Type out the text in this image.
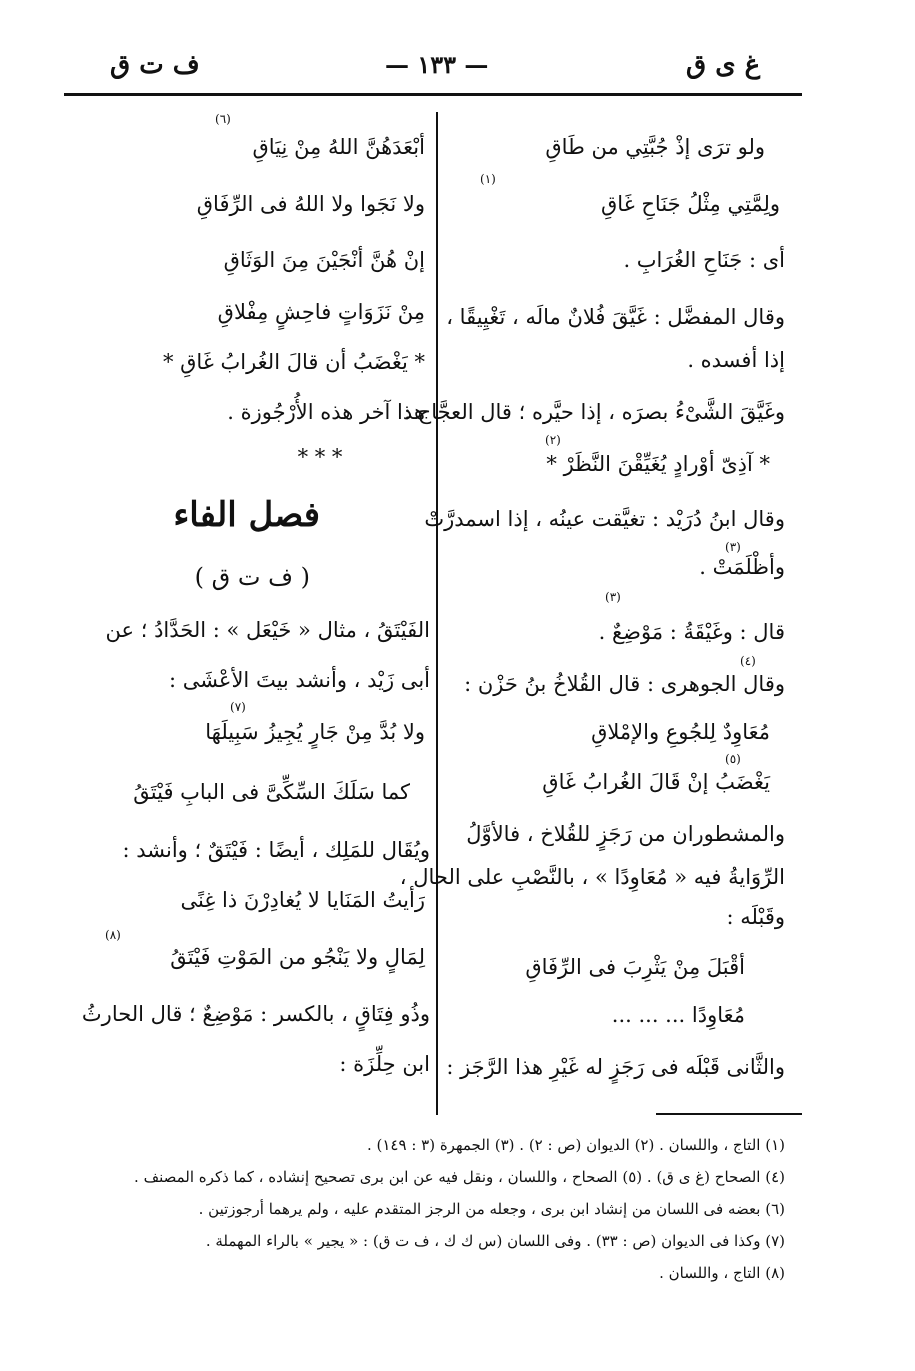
غ ى ق
— ١٣٣ —
ف ت ق
ولو ترَى إذْ جُبَّتِي من طَاقِ
(١)
ولِمَّتِي مِثْلُ جَنَاحِ غَاقِ
أى : جَنَاحِ الغُرَابِ .
وقال المفضَّل : غَيَّقَ فُلانٌ مالَه ، تَغْيِيقًا ،
إذا أفسده .
وغَيَّقَ الشَّىْءُ بصرَه ، إذا حيَّره ؛ قال العجَّاج :
(٢)
* آذِىّ أوْرادٍ يُغَيِّقْنَ النَّظَرْ *
وقال ابنُ دُرَيْد : تغيَّقت عينُه ، إذا اسمدرَّتْ
(٣)
وأظْلَمَتْ .
(٣)
قال : وغَيْقَةُ : مَوْضِعٌ .
(٤)
وقال الجوهرى : قال القُلاخُ بنُ حَزْن :
مُعَاوِدٌ لِلجُوعِ والإمْلاقِ
(٥)
يَغْضَبُ إنْ قَالَ الغُرابُ غَاقِ
والمشطوران من رَجَزٍ للقُلاخ ، فالأوَّلُ
الرِّوَايةُ فيه « مُعَاوِدًا » ، بالنَّصْبِ على الحال ،
وقَبْلَه :
أقْبَلَ مِنْ يَثْرِبَ فى الرِّفَاقِ
مُعَاوِدًا ... ... ...
والثَّانى قَبْلَه فى رَجَزٍ له غَيْرِ هذا الرَّجَز :
(٦)
أبْعَدَهُنَّ اللهُ مِنْ نِيَاقِ
ولا نَجَوا ولا اللهُ فى الرِّفَاقِ
إنْ هُنَّ أنْجَيْنَ مِنَ الوَثَاقِ
مِنْ نَزَوَاتٍ فاحِشٍ مِفْلاقِ
* يَغْضَبُ أن قالَ الغُرابُ غَاقِ *
هذا آخر هذه الأُرْجُوزة .
* * *
فصل الفاء
( ف ت ق )
الفَيْتَقُ ، مثال « خَيْعَل » : الحَدَّادُ ؛ عن
أبى زَيْد ، وأنشد بيتَ الأعْشَى :
(٧)
ولا بُدَّ مِنْ جَارٍ يُجِيزُ سَبِيلَهَا
كما سَلَكَ السِّكِّىَّ فى البابِ فَيْتَقُ
ويُقَال للمَلِك ، أيضًا : فَيْتَقٌ ؛ وأنشد :
رَأيتُ المَنَايا لا يُغادِرْنَ ذا غِنًى
(٨)
لِمَالٍ ولا يَنْجُو من المَوْتِ فَيْتَقُ
وذُو فِتَاقٍ ، بالكسر : مَوْضِعٌ ؛ قال الحارثُ
ابن حِلِّزَة :
(١) التاج ، واللسان . (٢) الديوان (ص : ٢) . (٣) الجمهرة (٣ : ١٤٩) .
(٤) الصحاح (غ ى ق) . (٥) الصحاح ، واللسان ، ونقل فيه عن ابن برى تصحيح إنشاده ، كما ذكره المصنف .
(٦) بعضه فى اللسان من إنشاد ابن برى ، وجعله من الرجز المتقدم عليه ، ولم يرهما أرجوزتين .
(٧) وكذا فى الديوان (ص : ٣٣) . وفى اللسان (س ك ك ، ف ت ق) : « يجير » بالراء المهملة .
(٨) التاج ، واللسان .
